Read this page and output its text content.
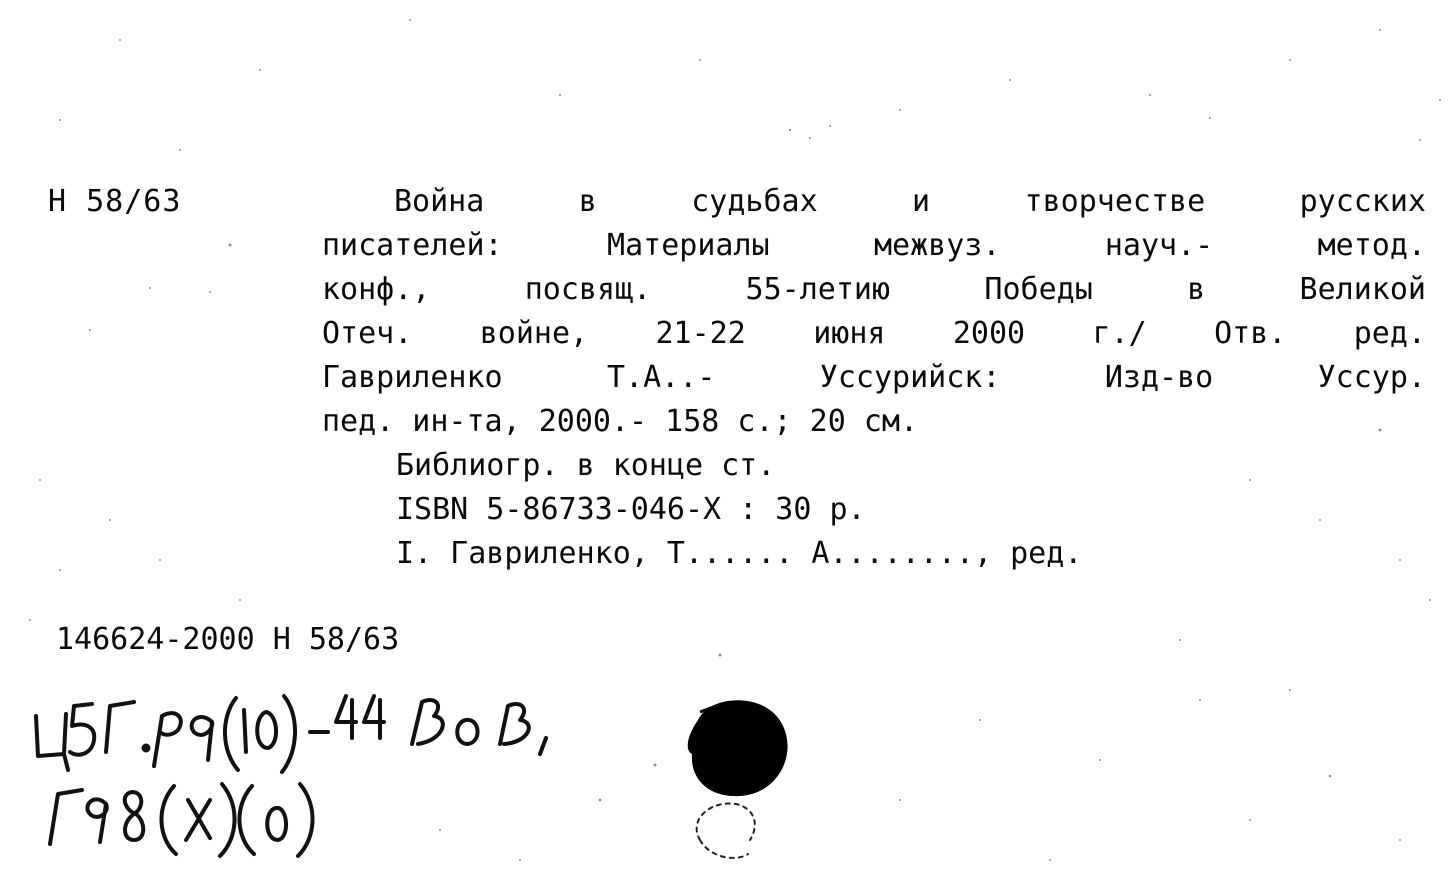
Н 58/63	Война в судьбах и творчестве русских
писателей: Материалы межвуз. науч.- метод.
конф., посвящ. 55-летию Победы в Великой
Отеч. войне, 21-22 июня 2000 г./ Отв. ред.
Гавриленко Т.А..- Уссурийск: Изд-во Уссур.
пед. ин-та, 2000.- 158 с.; 20 см.
Библиогр. в конце ст.
ISBN 5-86733-046-X : 30 р.
I. Гавриленко, Т...... А........, ред.
146624-2000 Н 58/63
